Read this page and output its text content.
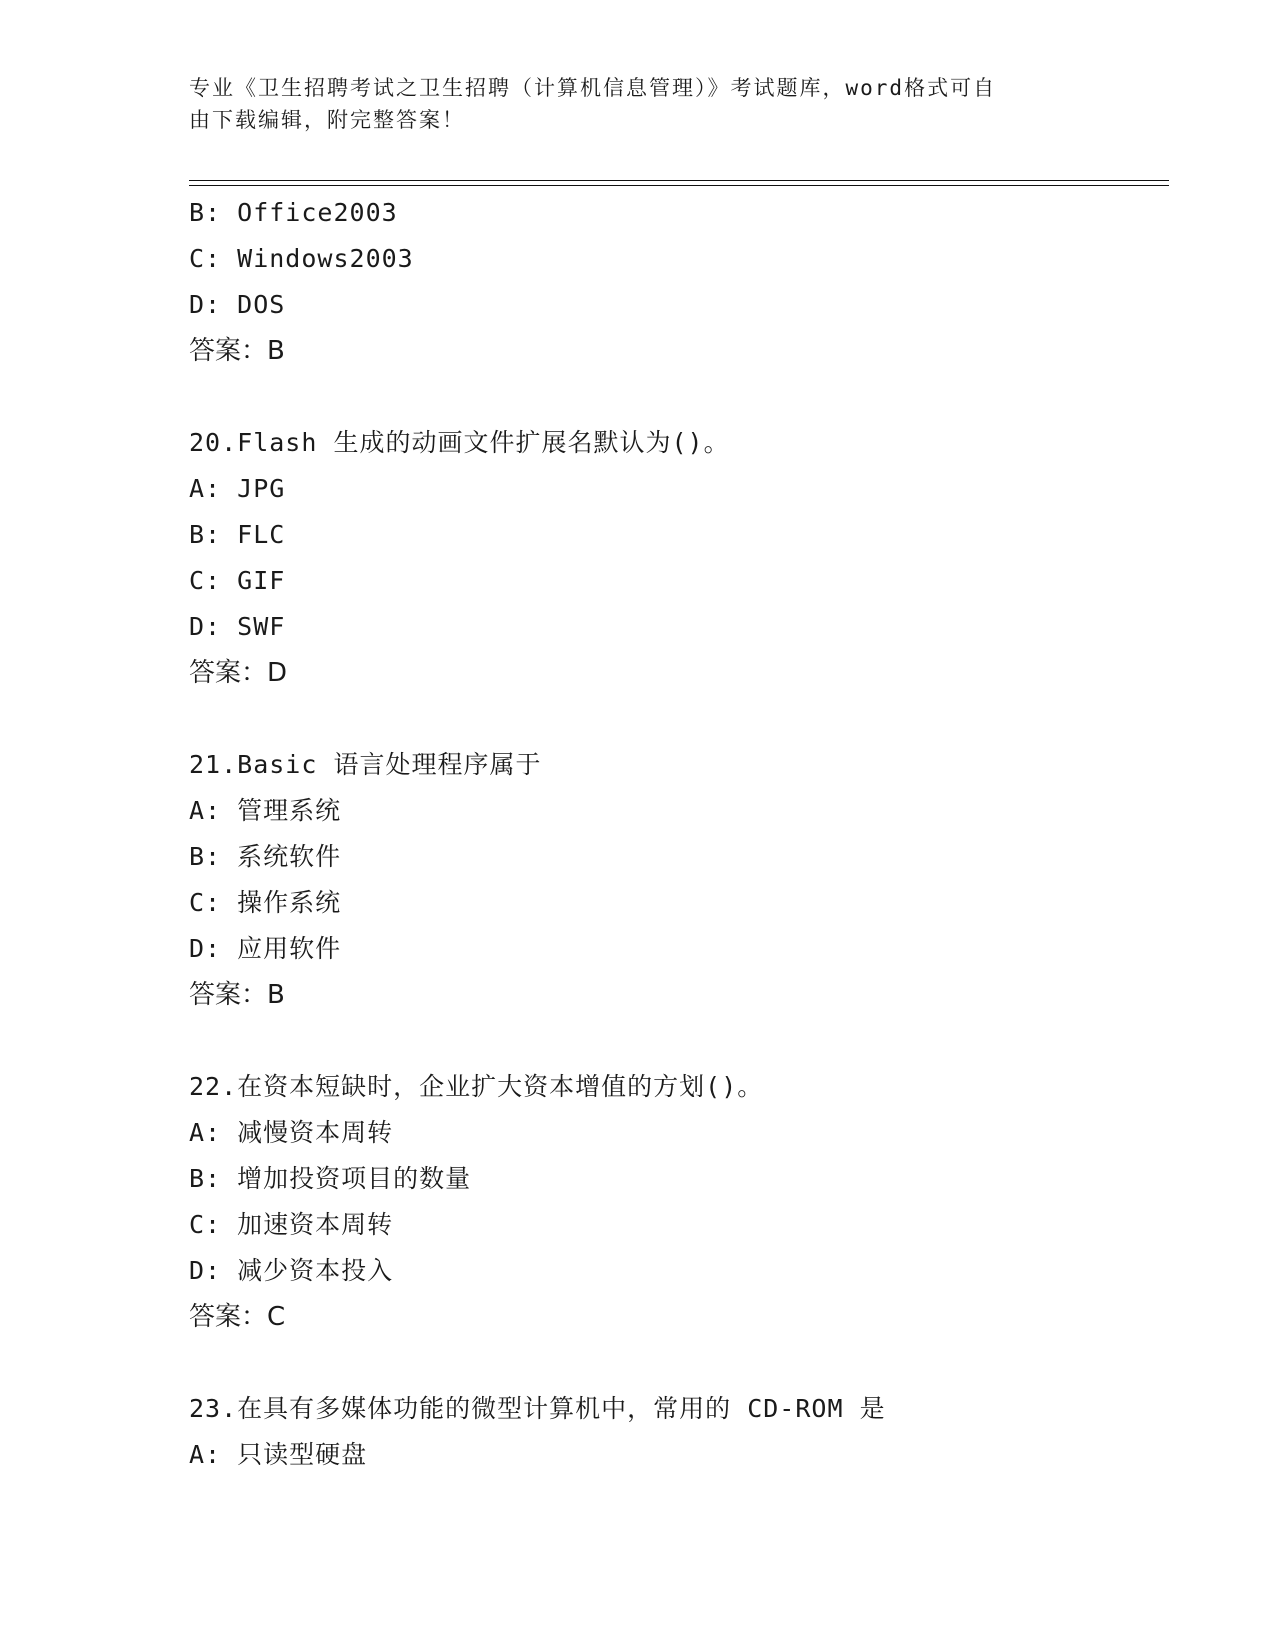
专业《卫生招聘考试之卫生招聘（计算机信息管理）》考试题库，word格式可自
由下载编辑，附完整答案！
B: Office2003
C: Windows2003
D: DOS
答案：B
20.Flash 生成的动画文件扩展名默认为()。
A: JPG
B: FLC
C: GIF
D: SWF
答案：D
21.Basic 语言处理程序属于
A: 管理系统
B: 系统软件
C: 操作系统
D: 应用软件
答案：B
22.在资本短缺时，企业扩大资本增值的方划()。
A: 减慢资本周转
B: 增加投资项目的数量
C: 加速资本周转
D: 减少资本投入
答案：C
23.在具有多媒体功能的微型计算机中，常用的 CD-ROM 是
A: 只读型硬盘
